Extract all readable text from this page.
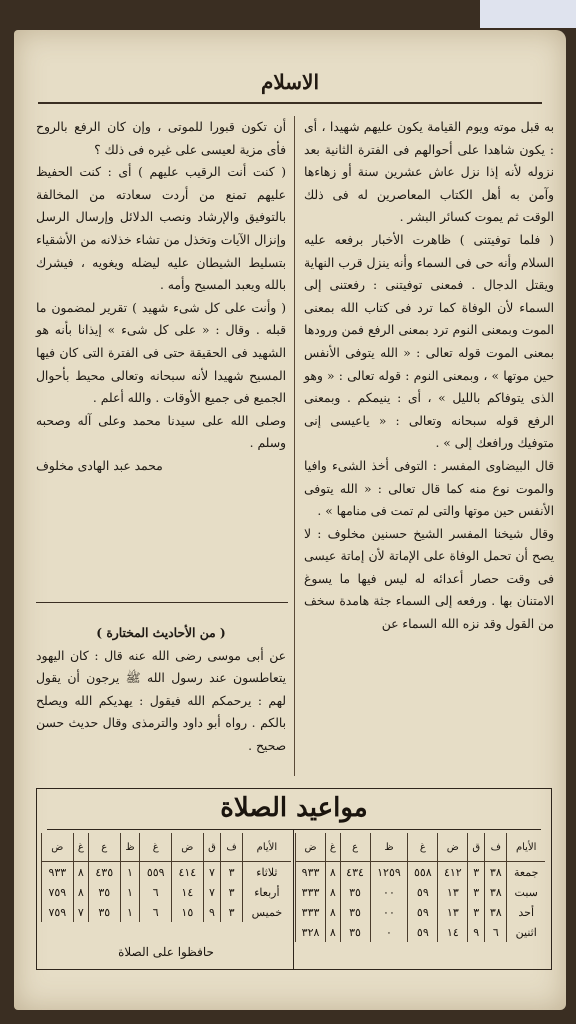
الاسلام

به قبل موته ويوم القيامة يكون عليهم شهيدا ، أى : يكون شاهدا على أحوالهم فى الفترة الثانية بعد نزوله لأنه إذا نزل عاش عشرين سنة أو زهاءها وآمن به أهل الكتاب المعاصرين له فى ذلك الوقت ثم يموت كسائر البشر .

( فلما توفيتنى ) ظاهرت الأخبار برفعه عليه السلام وأنه حى فى السماء وأنه ينزل قرب النهاية ويقتل الدجال . فمعنى توفيتنى : رفعتنى إلى السماء لأن الوفاة كما ترد فى كتاب الله بمعنى الموت وبمعنى النوم ترد بمعنى الرفع فمن ورودها بمعنى الموت قوله تعالى : « الله يتوفى الأنفس حين موتها » ، وبمعنى النوم : قوله تعالى : « وهو الذى يتوفاكم بالليل » ، أى : ينيمكم . وبمعنى الرفع قوله سبحانه وتعالى : « ياعيسى إنى متوفيك ورافعك إلى » .

قال البيضاوى المفسر : التوفى أخذ الشىء وافيا والموت نوع منه كما قال تعالى : « الله يتوفى الأنفس حين موتها والتى لم تمت فى منامها » .

وقال شيخنا المفسر الشيخ حسنين مخلوف : لا يصح أن تحمل الوفاة على الإماتة لأن إماتة عيسى فى وقت حصار أعدائه له ليس فيها ما يسوغ الامتنان بها . ورفعه إلى السماء جثة هامدة سخف من القول وقد نزه الله السماء عن

أن تكون قبورا للموتى ، وإن كان الرفع بالروح فأى مزية لعيسى على غيره فى ذلك ؟

( كنت أنت الرقيب عليهم ) أى : كنت الحفيظ عليهم تمنع من أردت سعادته من المخالفة بالتوفيق والإرشاد ونصب الدلائل وإرسال الرسل وإنزال الآيات وتخذل من تشاء خذلانه من الأشقياء بتسليط الشيطان عليه ليضله ويغويه ، فيشرك بالله ويعبد المسيح وأمه .

( وأنت على كل شىء شهيد ) تقرير لمضمون ما قبله . وقال : « على كل شىء » إيذانا بأنه هو الشهيد فى الحقيقة حتى فى الفترة التى كان فيها المسيح شهيدا لأنه سبحانه وتعالى محيط بأحوال الجميع فى جميع الأوقات . والله أعلم .

وصلى الله على سيدنا محمد وعلى آله وصحبه وسلم .

محمد عبد الهادى مخلوف

( من الأحاديث المختارة )

عن أبى موسى رضى الله عنه قال : كان اليهود يتعاطسون عند رسول الله ﷺ يرجون أن يقول لهم : يرحمكم الله فيقول : يهديكم الله ويصلح بالكم . رواه أبو داود والترمذى وقال حديث حسن صحيح .

مواعيد الصلاة
الأيام	ف	ق	ض	غ	ظ	ع	غ	ض
جمعة	٣٨	٣	٤١٢	٥٥٨	١٢٥٩	٤٣٤	٨	٩٣٣
سبت	٣٨	٣	١٣	٥٩	٠٠	٣٥	٨	٣٣٣
أحد	٣٨	٣	١٣	٥٩	٠٠	٣٥	٨	٣٣٣
اثنين	٦	٩	١٤	٥٩	٠	٣٥	٨	٣٢٨
الأيام	ف	ق	ض	غ	ظ	ع	غ	ض
ثلاثاء	٣	٧	٤١٤	٥٥٩	١	٤٣٥	٨	٩٣٣
أربعاء	٣	٧	١٤	٦	١	٣٥	٨	٧٥٩
خميس	٣	٩	١٥	٦	١	٣٥	٧	٧٥٩
حافظوا على الصلاة
